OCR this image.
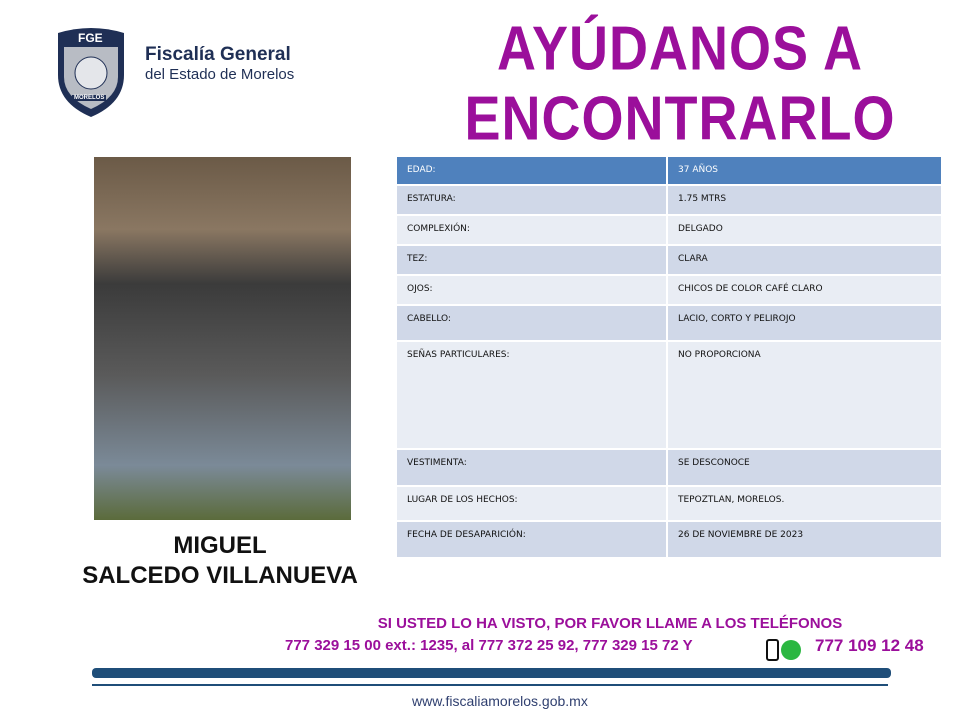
FGE
MORELOS
Fiscalía General
del Estado de Morelos	AYÚDANOS A
ENCONTRARLO
MIGUEL
SALCEDO VILLANUEVA
EDAD:	37 AÑOS
ESTATURA:	1.75 MTRS
COMPLEXIÓN:	DELGADO
TEZ:	CLARA
OJOS:	CHICOS DE COLOR CAFÉ CLARO
CABELLO:	LACIO, CORTO Y PELIROJO
SEÑAS PARTICULARES:	NO PROPORCIONA
VESTIMENTA:	SE DESCONOCE
LUGAR DE LOS HECHOS:	TEPOZTLAN, MORELOS.
FECHA DE DESAPARICIÓN:	26 DE NOVIEMBRE DE 2023
SI USTED LO HA VISTO, POR FAVOR LLAME A LOS TELÉFONOS
777 329 15 00 ext.: 1235, al 777 372 25 92, 777 329 15 72 Y	777 109 12 48
www.fiscaliamorelos.gob.mx
